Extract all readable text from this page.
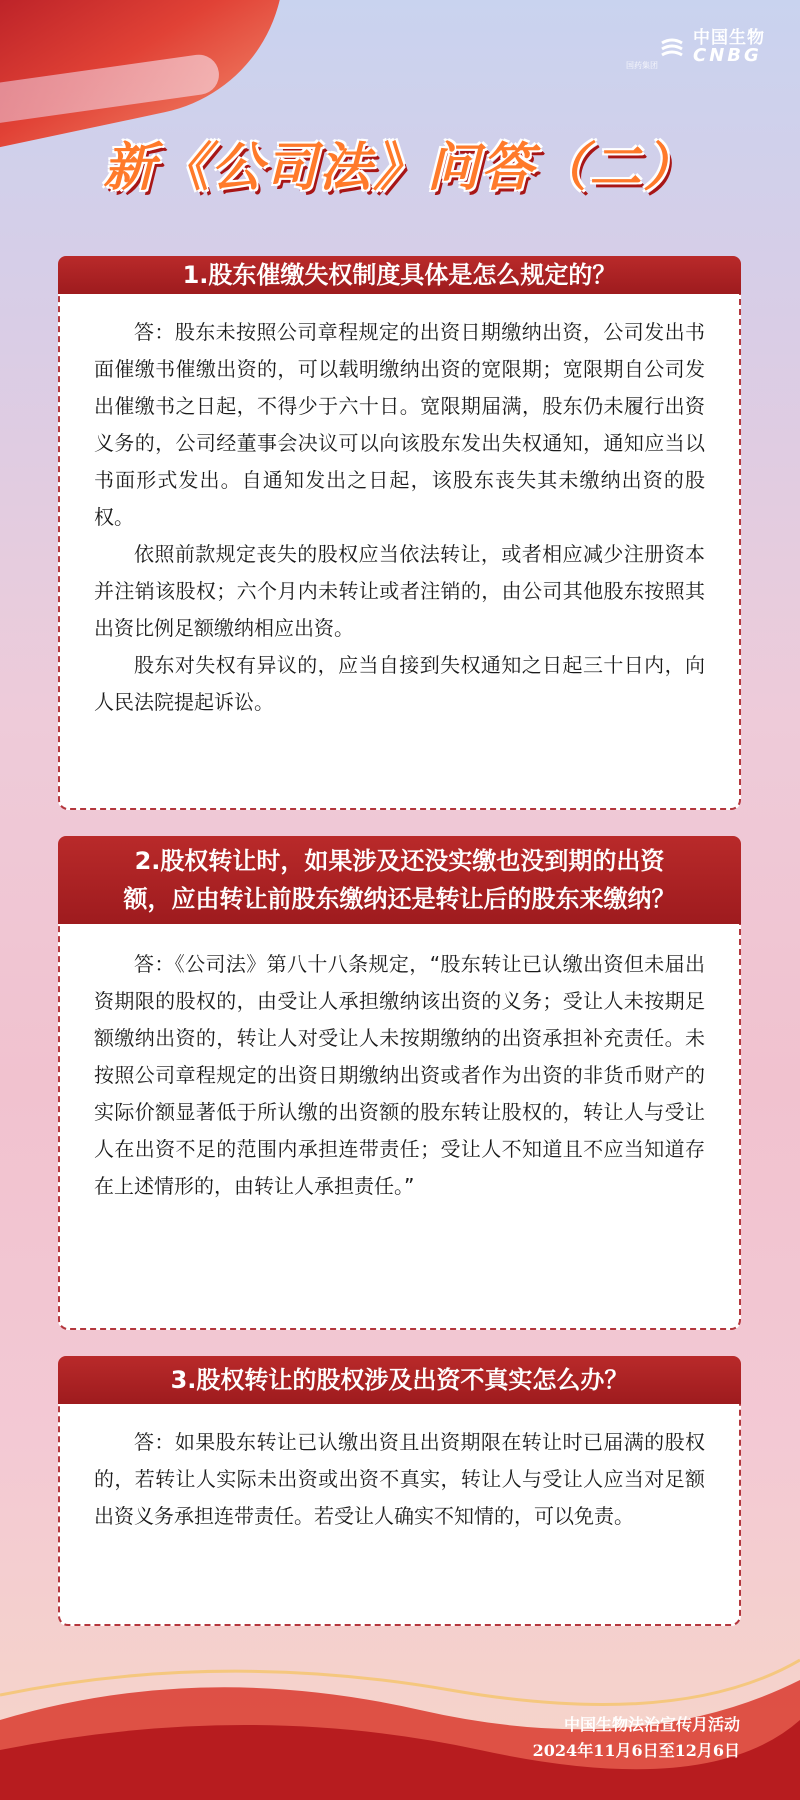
中国生物
CNBG
国药集团
新《公司法》问答（二）
1.股东催缴失权制度具体是怎么规定的？

答：股东未按照公司章程规定的出资日期缴纳出资，公司发出书面催缴书催缴出资的，可以载明缴纳出资的宽限期；宽限期自公司发出催缴书之日起，不得少于六十日。宽限期届满，股东仍未履行出资义务的，公司经董事会决议可以向该股东发出失权通知，通知应当以书面形式发出。自通知发出之日起，该股东丧失其未缴纳出资的股权。

依照前款规定丧失的股权应当依法转让，或者相应减少注册资本并注销该股权；六个月内未转让或者注销的，由公司其他股东按照其出资比例足额缴纳相应出资。

股东对失权有异议的，应当自接到失权通知之日起三十日内，向人民法院提起诉讼。

2.股权转让时，如果涉及还没实缴也没到期的出资
额，应由转让前股东缴纳还是转让后的股东来缴纳？

答：《公司法》第八十八条规定，“股东转让已认缴出资但未届出资期限的股权的，由受让人承担缴纳该出资的义务；受让人未按期足额缴纳出资的，转让人对受让人未按期缴纳的出资承担补充责任。未按照公司章程规定的出资日期缴纳出资或者作为出资的非货币财产的实际价额显著低于所认缴的出资额的股东转让股权的，转让人与受让人在出资不足的范围内承担连带责任；受让人不知道且不应当知道存在上述情形的，由转让人承担责任。”

3.股权转让的股权涉及出资不真实怎么办？

答：如果股东转让已认缴出资且出资期限在转让时已届满的股权的，若转让人实际未出资或出资不真实，转让人与受让人应当对足额出资义务承担连带责任。若受让人确实不知情的，可以免责。

中国生物法治宣传月活动
2024年11月6日至12月6日
